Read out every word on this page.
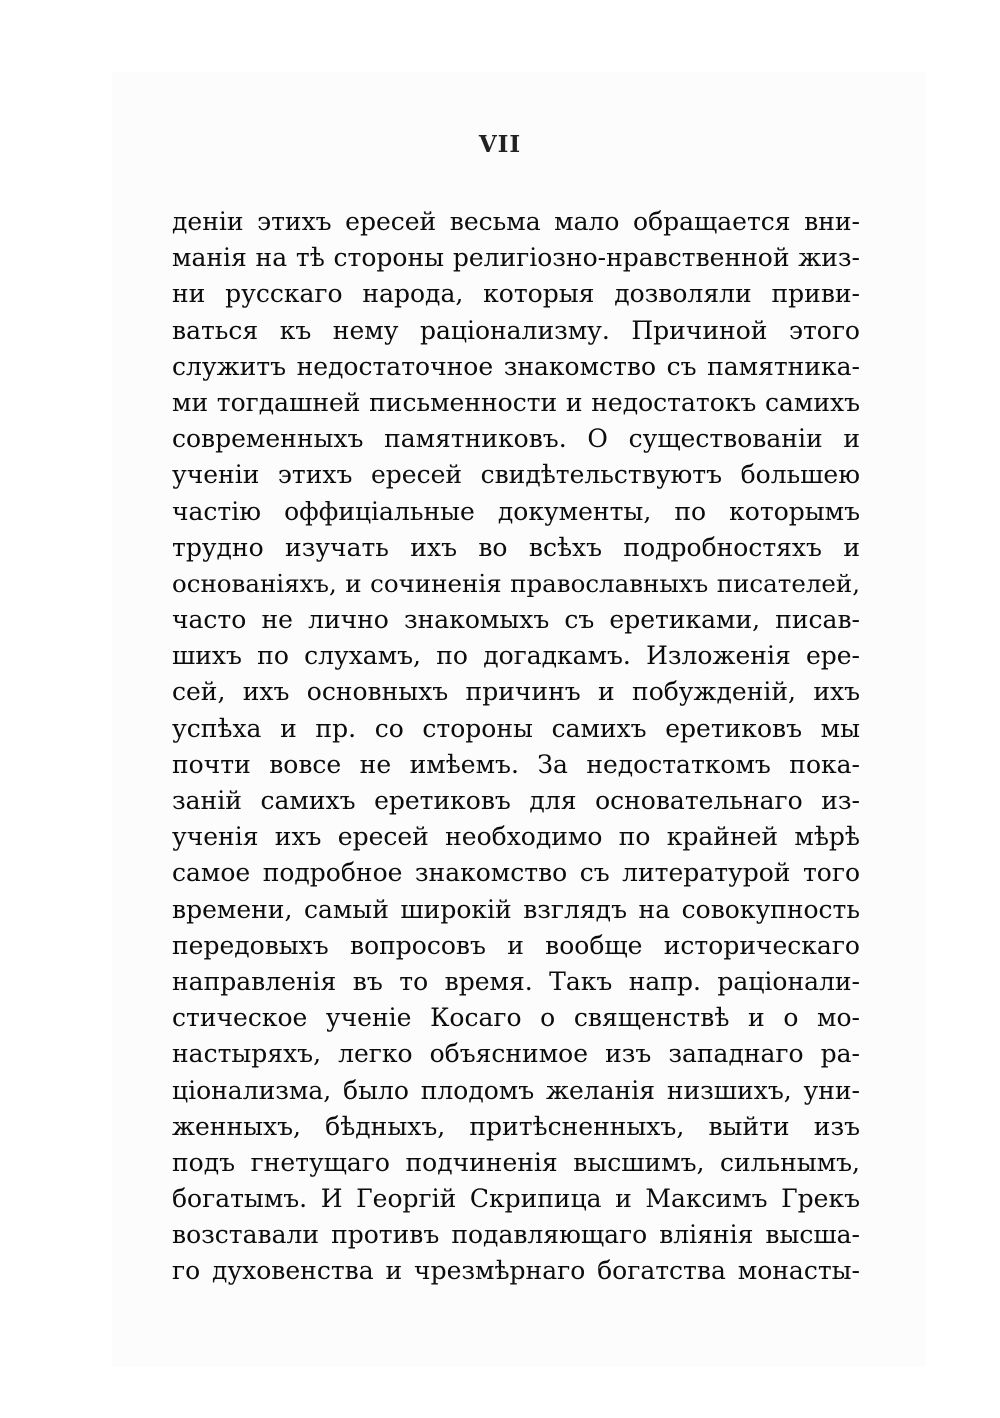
VII
денiи этихъ ересей весьма мало обращается вни-
манiя на тѣ стороны религiозно-нравственной жиз-
ни русскаго народа, которыя дозволяли приви-
ваться къ нему рацiонализму. Причиной этого
служитъ недостаточное знакомство съ памятника-
ми тогдашней письменности и недостатокъ самихъ
современныхъ памятниковъ. О существованiи и
ученiи этихъ ересей свидѣтельствуютъ большею
частiю оффицiальные документы, по которымъ
трудно изучать ихъ во всѣхъ подробностяхъ и
основанiяхъ, и сочиненiя православныхъ писателей,
часто не лично знакомыхъ съ еретиками, писав-
шихъ по слухамъ, по догадкамъ. Изложенiя ере-
сей, ихъ основныхъ причинъ и побужденiй, ихъ
успѣха и пр. со стороны самихъ еретиковъ мы
почти вовсе не имѣемъ. За недостаткомъ пока-
занiй самихъ еретиковъ для основательнаго из-
ученiя ихъ ересей необходимо по крайней мѣрѣ
самое подробное знакомство съ литературой того
времени, самый широкiй взглядъ на совокупность
передовыхъ вопросовъ и вообще историческаго
направленiя въ то время. Такъ напр. рацiонали-
стическое ученiе Косаго о священствѣ и о мо-
настыряхъ, легко объяснимое изъ западнаго ра-
цiонализма, было плодомъ желанiя низшихъ, уни-
женныхъ, бѣдныхъ, притѣсненныхъ, выйти изъ
подъ гнетущаго подчиненiя высшимъ, сильнымъ,
богатымъ. И Георгiй Скрипица и Максимъ Грекъ
возставали противъ подавляющаго влiянiя высша-
го духовенства и чрезмѣрнаго богатства монасты-
